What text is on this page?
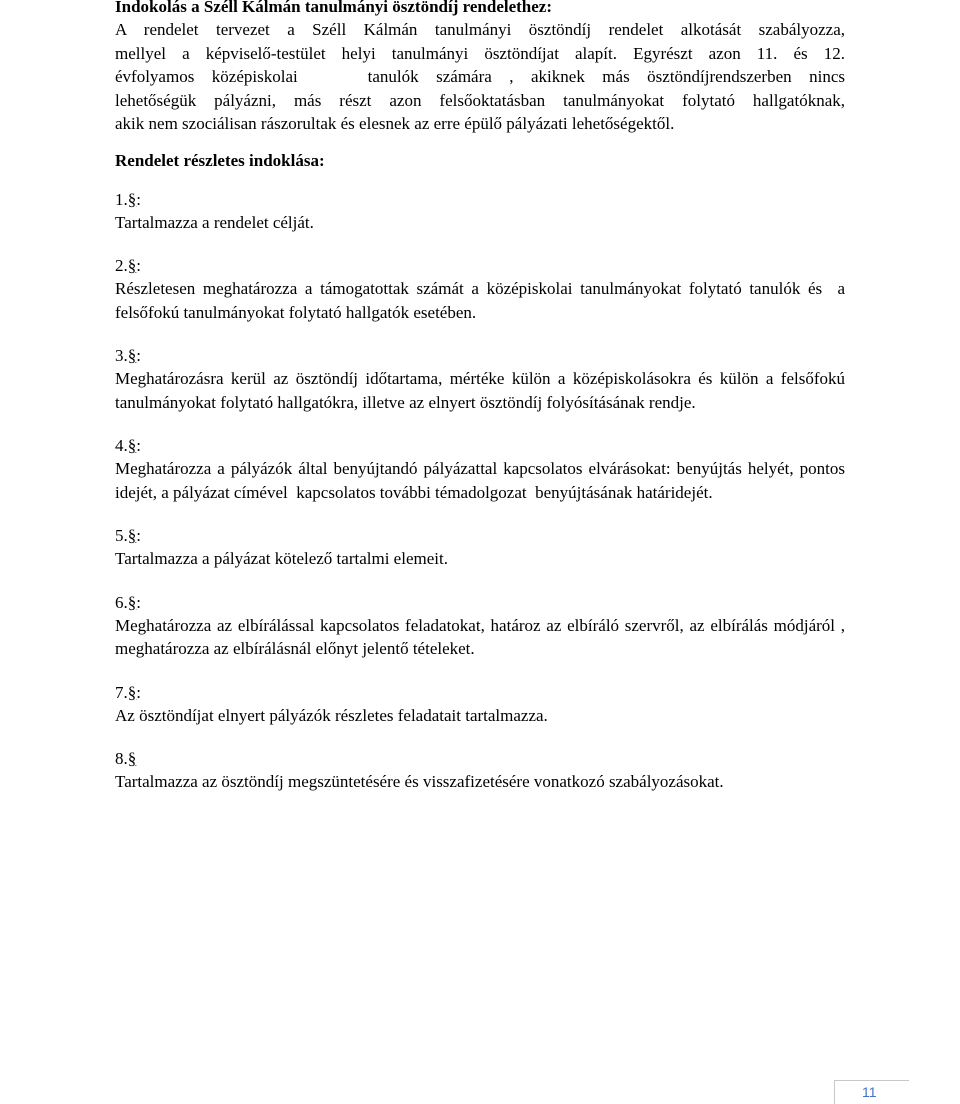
Indokolás a Széll Kálmán tanulmányi ösztöndíj rendelethez:
A rendelet tervezet a Széll Kálmán tanulmányi ösztöndíj rendelet alkotását szabályozza,
mellyel a képviselő-testület helyi tanulmányi ösztöndíjat alapít. Egyrészt azon 11. és 12.
évfolyamos középiskolai    tanulók számára , akiknek más ösztöndíjrendszerben nincs
lehetőségük pályázni, más részt azon felsőoktatásban tanulmányokat folytató hallgatóknak,
akik nem szociálisan rászorultak és elesnek az erre épülő pályázati lehetőségektől.
Rendelet részletes indoklása:
1.§:
Tartalmazza a rendelet célját.
2.§:
Részletesen meghatározza a támogatottak számát a középiskolai tanulmányokat folytató tanulók és  a felsőfokú tanulmányokat folytató hallgatók esetében.
3.§:
Meghatározásra kerül az ösztöndíj időtartama, mértéke külön a középiskolásokra és külön a felsőfokú tanulmányokat folytató hallgatókra, illetve az elnyert ösztöndíj folyósításának rendje.
4.§:
Meghatározza a pályázók által benyújtandó pályázattal kapcsolatos elvárásokat: benyújtás helyét, pontos idejét, a pályázat címével  kapcsolatos további témadolgozat  benyújtásának határidejét.
5.§:
Tartalmazza a pályázat kötelező tartalmi elemeit.
6.§:
Meghatározza az elbírálással kapcsolatos feladatokat, határoz az elbíráló szervről, az elbírálás módjáról , meghatározza az elbírálásnál előnyt jelentő tételeket.
7.§:
Az ösztöndíjat elnyert pályázók részletes feladatait tartalmazza.
8.§
Tartalmazza az ösztöndíj megszüntetésére és visszafizetésére vonatkozó szabályozásokat.
11
